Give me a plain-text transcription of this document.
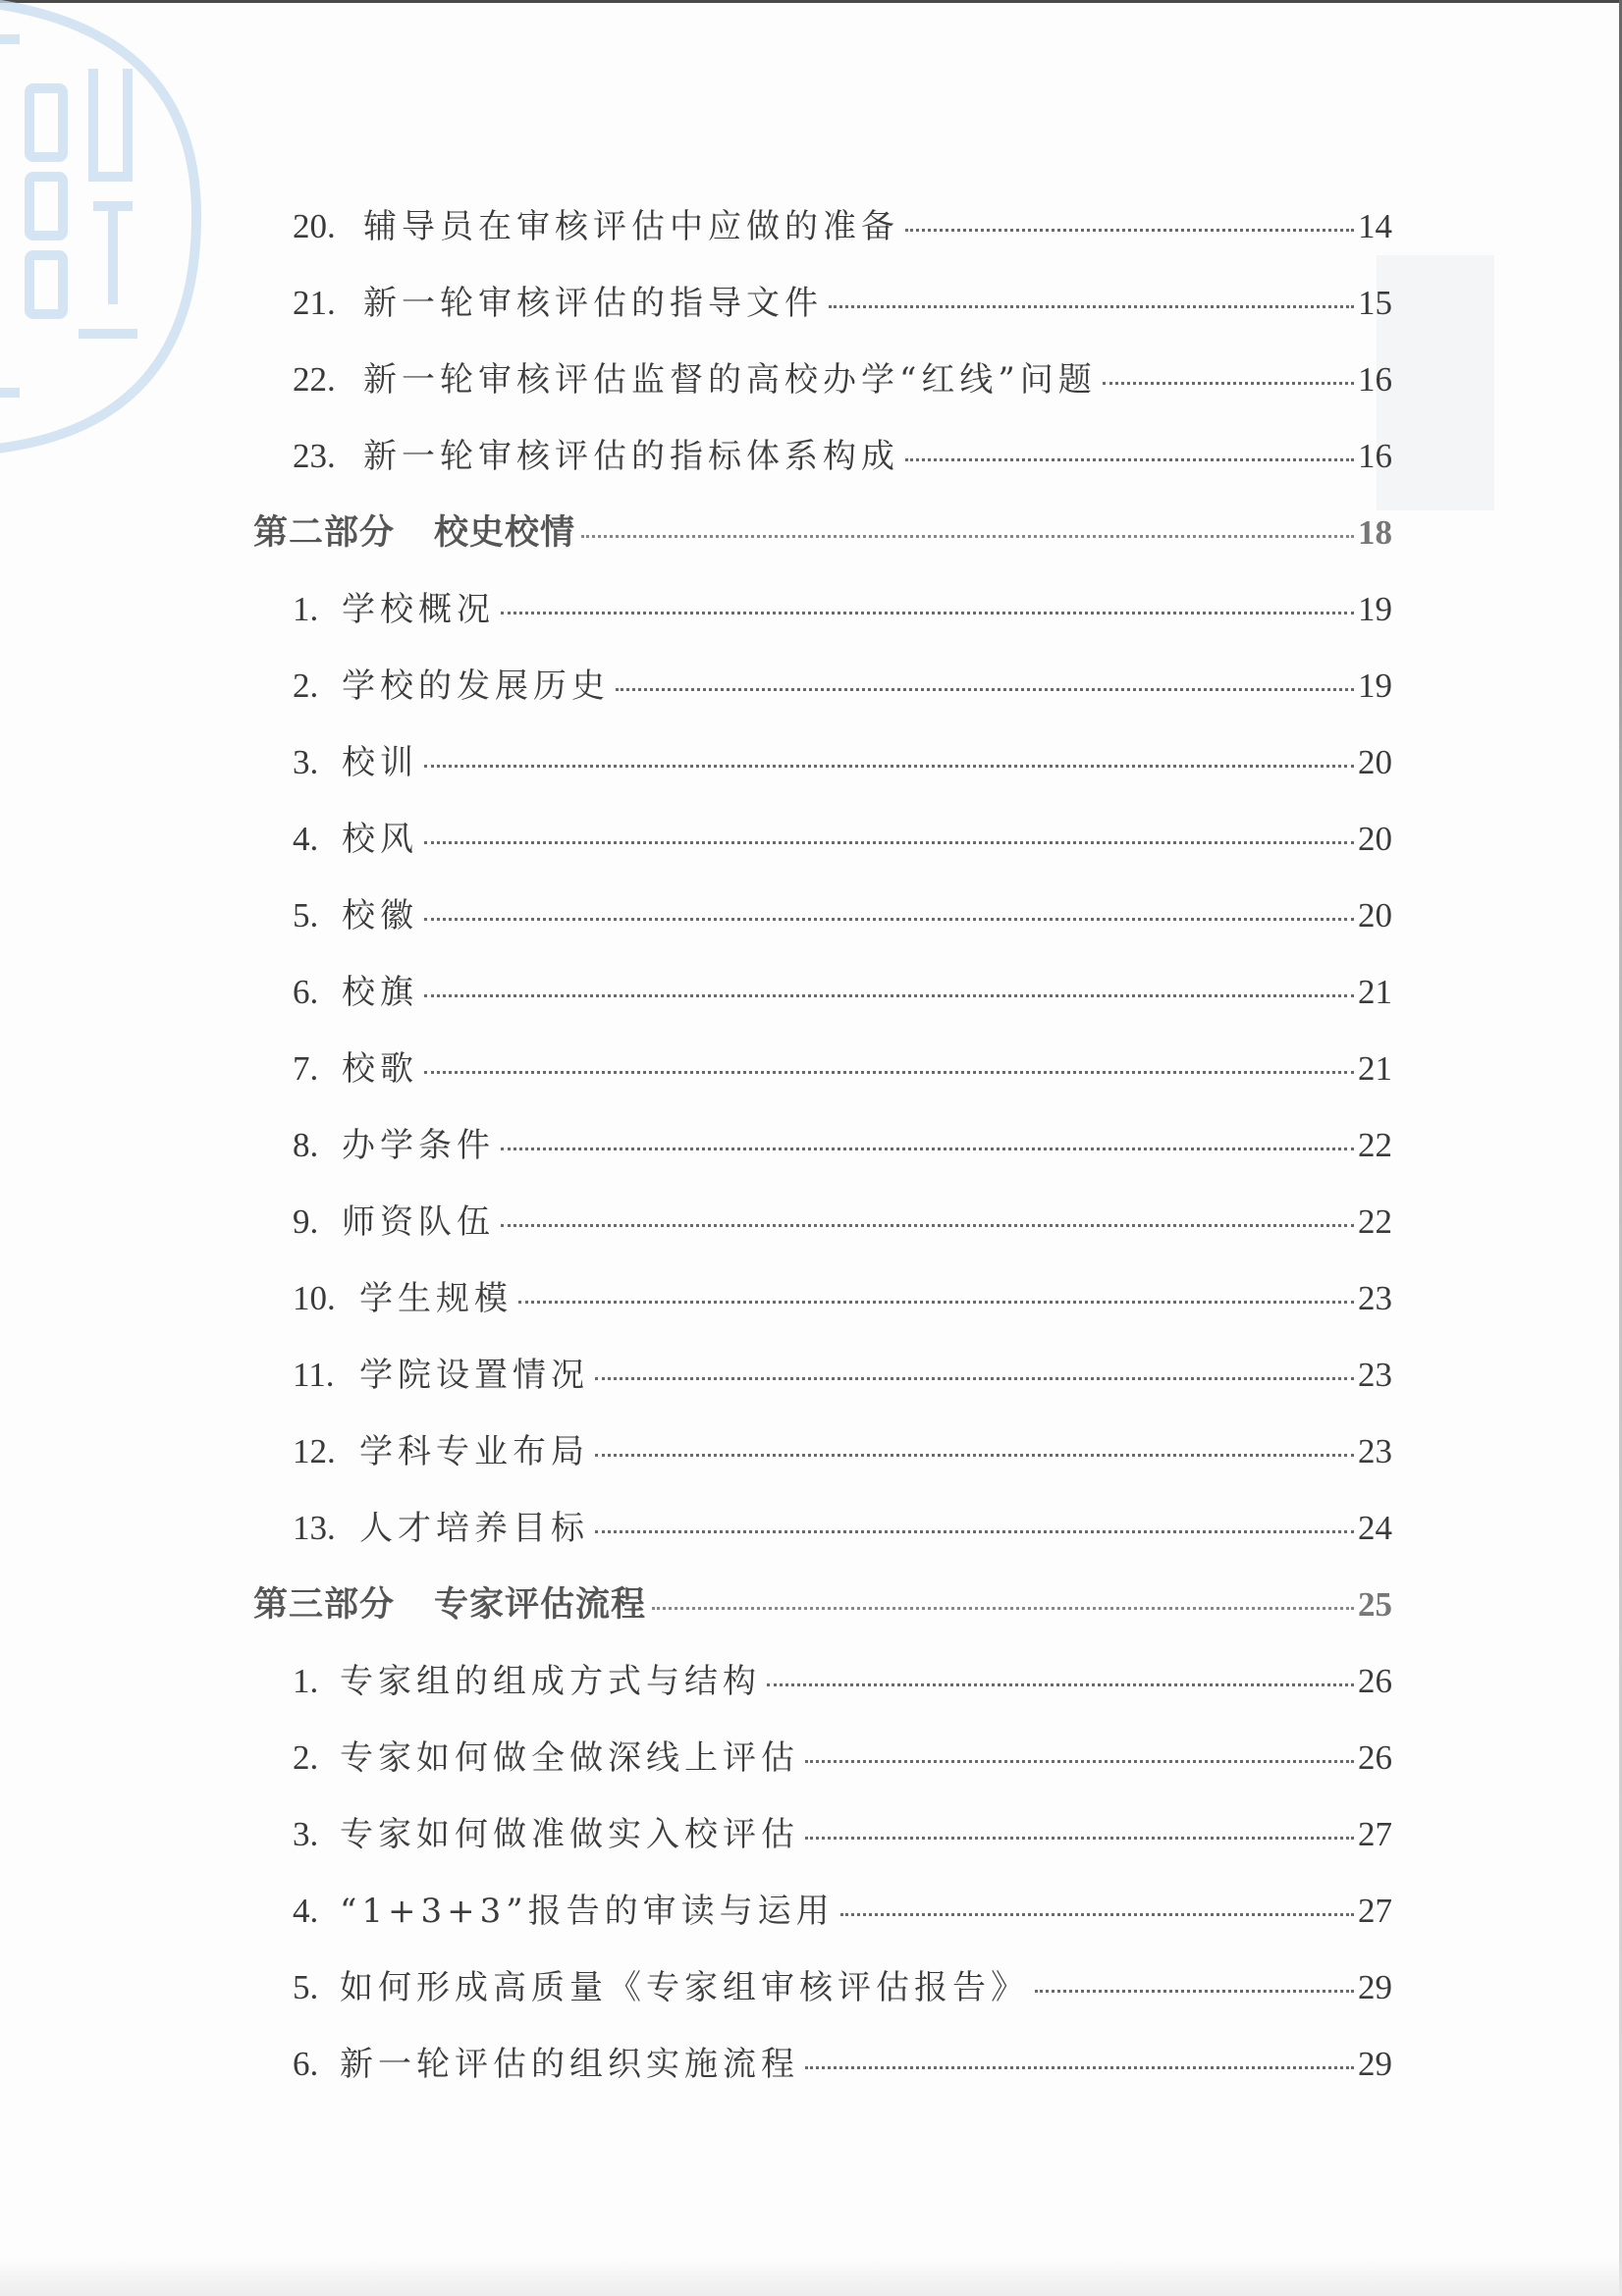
20. 辅导员在审核评估中应做的准备	14
21. 新一轮审核评估的指导文件	15
22. 新一轮审核评估监督的高校办学“红线”问题	16
23. 新一轮审核评估的指标体系构成	16
第二部分 校史校情	18
1. 学校概况	19
2. 学校的发展历史	19
3. 校训	20
4. 校风	20
5. 校徽	20
6. 校旗	21
7. 校歌	21
8. 办学条件	22
9. 师资队伍	22
10. 学生规模	23
11. 学院设置情况	23
12. 学科专业布局	23
13. 人才培养目标	24
第三部分 专家评估流程	25
1. 专家组的组成方式与结构	26
2. 专家如何做全做深线上评估	26
3. 专家如何做准做实入校评估	27
4. “1+3+3”报告的审读与运用	27
5. 如何形成高质量《专家组审核评估报告》	29
6. 新一轮评估的组织实施流程	29
